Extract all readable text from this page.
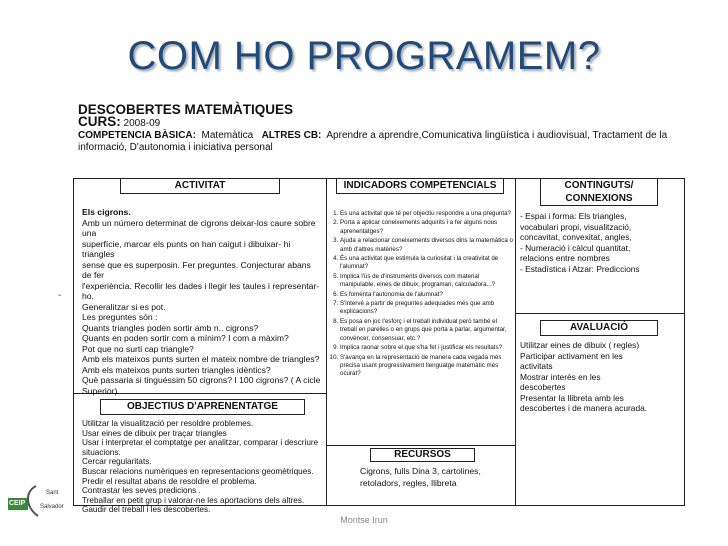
COM HO PROGRAMEM?
DESCOBERTES MATEMÀTIQUES
CURS: 2008-09
COMPETENCIA BÀSICA: Matemàtica ALTRES CB: Aprendre a aprendre,Comunicativa lingüística i audiovisual, Tractament de la
informació, D'autonomia i iniciativa personal
-
ACTIVITAT
Els cigrons.
Amb un número determinat de cigrons deixar-los caure sobre una
superfície, marcar els punts on han caigut i dibuixar- hi triangles
sense que es superposin. Fer preguntes. Conjecturar abans de fer
l'experiència. Recollir les dades i llegir les taules i representar-ho.
Generalitzar si es pot.
Les preguntes són :
Quants triangles poden sortir amb n.. cigrons?
Quants en poden sortir com a mínim? I com a màxim?
Pot que no surti cap triangle?
Amb els mateixos punts surten el mateix nombre de triangles?
Amb els mateixos punts surten triangles idèntics?
Què passaria si tinguéssim 50 cigrons? I 100 cigrons? ( A cicle
Superior)
OBJECTIUS D'APRENENTATGE
Utilitzar la visualització per resoldre problemes.
Usar eines de dibuix per traçar triangles
Usar i interpretar el comptatge per analitzar, comparar i descriure
situacions.
Cercar regularitats.
Buscar relacions numèriques en representacions geomètriques.
Predir el resultat abans de resoldre el problema.
Contrastar les seves predicions .
Treballar en petit grup i valorar-ne les aportacions dels altres.
Gaudir del treball i les descobertes.
INDICADORS COMPETENCIALS
1. Es una activitat que té per objectiu respondre a una pregunta?
2. Porta a aplicar coneixements adquirits i a fer alguns nous aprenentatges?
3. Ajuda a relacionar coneixements diversos dins la matemàtica o amb d'altres matèries?
4. És una activitat que estimula la curiositat i la creativitat de l'alumnat?
5. Implica l'ús de d'instruments diversos com material manipulable, eines de dibuix, programari, calculadora...?
6. Es fomenta l'autonomia de l'alumnat?
7. S'intervé a partir de preguntes adequades més que amb explicacions?
8. Es posa en joc l'esforç i el treball individual però també el treball en parelles o en grups que porta a parlar, argumentar, convèncer, consensuar, etc.?
9. Implica raonar sobre el que s'ha fet i justificar els resultats?
10. S'avança en la representació de manera cada vegada més precisa usant progressivament llenguatge matemàtic més ocurat?
RECURSOS
Cigrons, fulls Dina 3, cartolines,
retoladors, regles, llibreta
CONTINGUTS/
CONNEXIONS
- Espai i forma: Els triangles,
vocabulari propi, visualització,
concavitat, convexitat, angles,
- Numeració i càlcul quantitat,
relacions entre nombres
- Estadística i Atzar: Prediccions
AVALUACIÓ
Utilitzar eines de dibuix ( regles)
Participar activament en les
activitats
Mostrar interès en les
descobertes
Presentar la llibreta amb les
descobertes i de manera acurada.
CEIP
Sant
Salvador
Montse Irun
